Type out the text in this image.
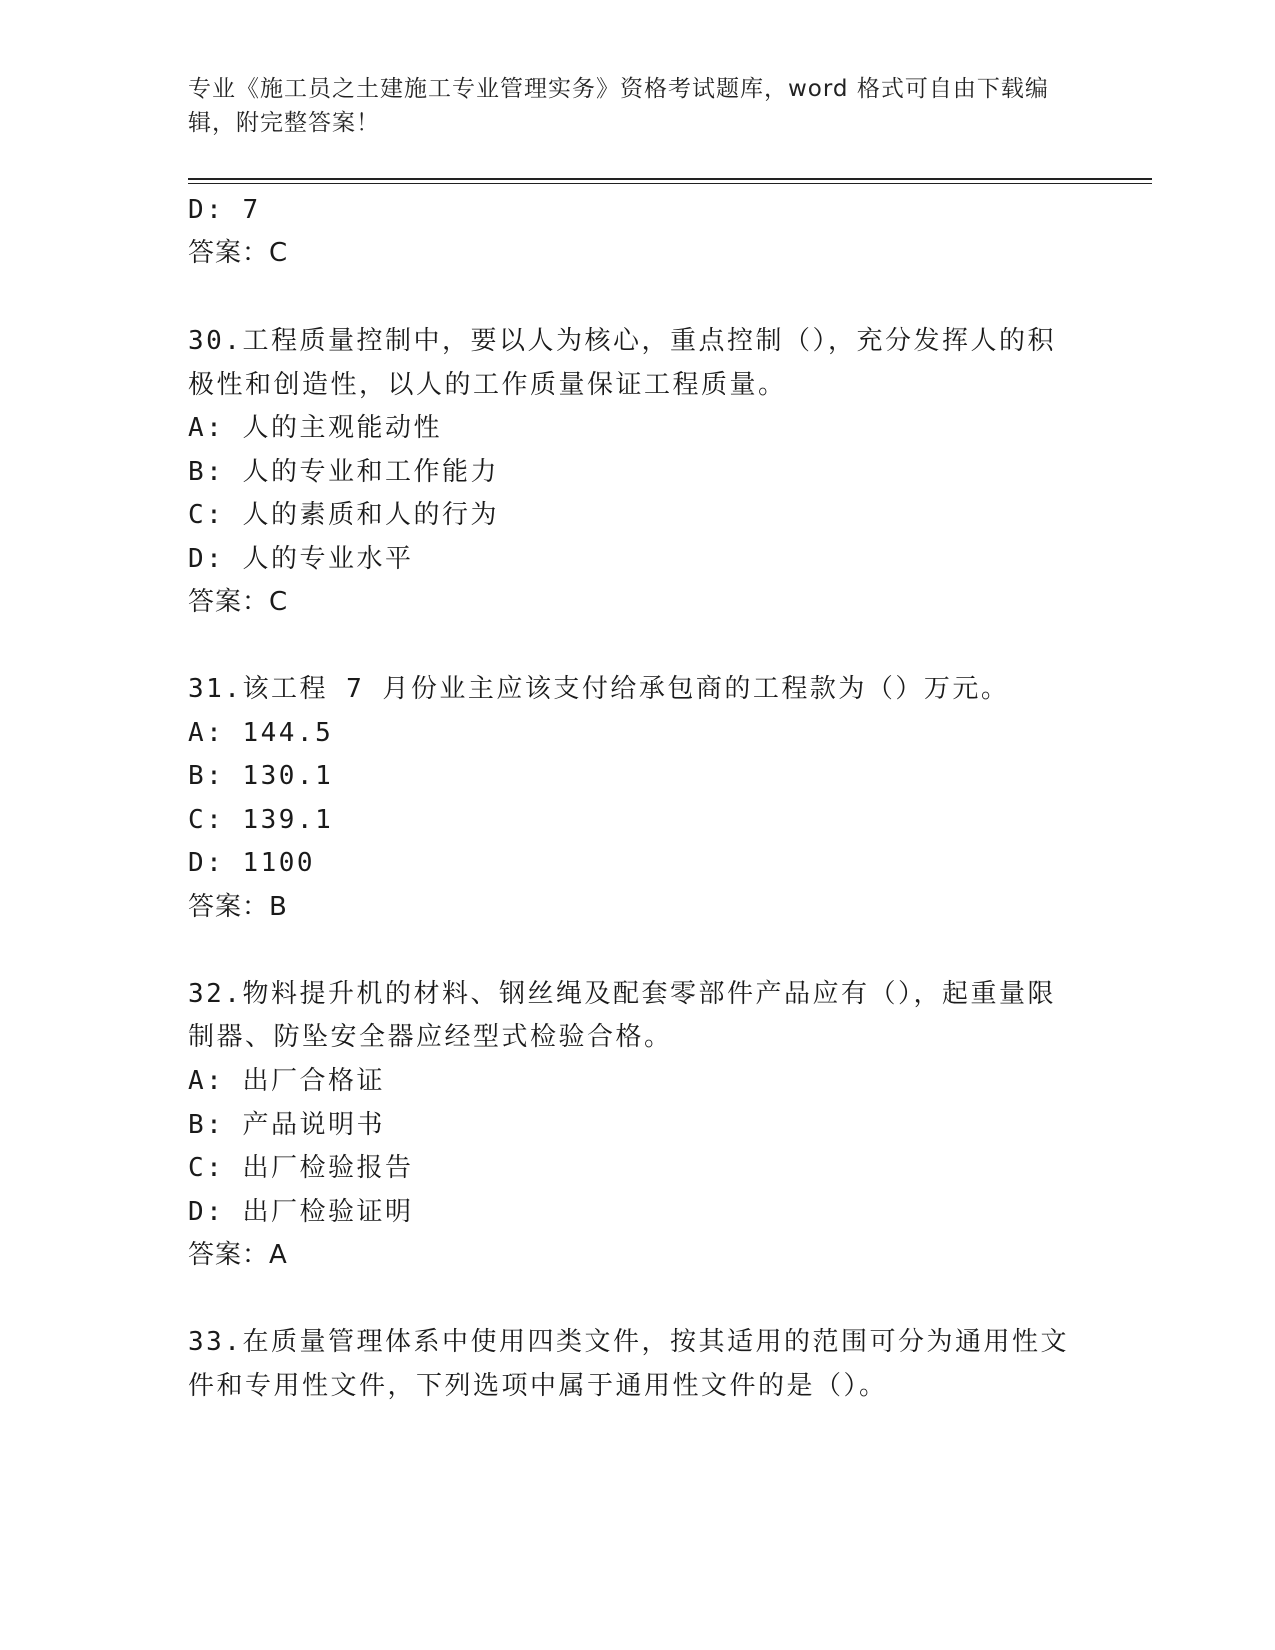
专业《施工员之土建施工专业管理实务》资格考试题库，word 格式可自由下载编
辑，附完整答案！
D: 7
答案：C
30.工程质量控制中，要以人为核心，重点控制（），充分发挥人的积
极性和创造性，以人的工作质量保证工程质量。
A: 人的主观能动性
B: 人的专业和工作能力
C: 人的素质和人的行为
D: 人的专业水平
答案：C
31.该工程 7 月份业主应该支付给承包商的工程款为（）万元。
A: 144.5
B: 130.1
C: 139.1
D: 1100
答案：B
32.物料提升机的材料、钢丝绳及配套零部件产品应有（），起重量限
制器、防坠安全器应经型式检验合格。
A: 出厂合格证
B: 产品说明书
C: 出厂检验报告
D: 出厂检验证明
答案：A
33.在质量管理体系中使用四类文件，按其适用的范围可分为通用性文
件和专用性文件，下列选项中属于通用性文件的是（）。
